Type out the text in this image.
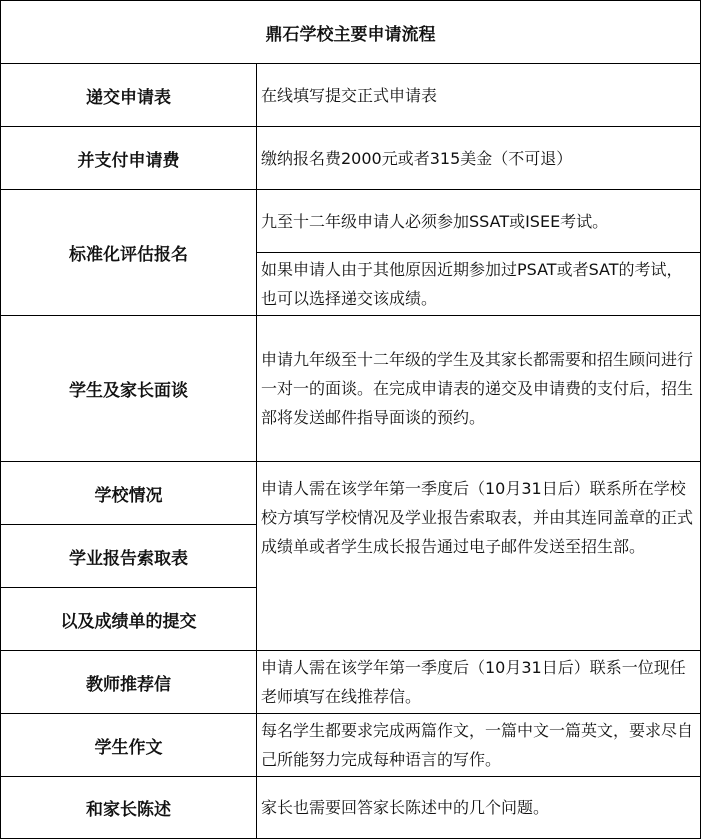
鼎石学校主要申请流程	
递交申请表	在线填写提交正式申请表
并支付申请费	缴纳报名费2000元或者315美金（不可退）
标准化评估报名	九至十二年级申请人必须参加SSAT或ISEE考试。
	如果申请人由于其他原因近期参加过PSAT或者SAT的考试，也可以选择递交该成绩。
学生及家长面谈	申请九年级至十二年级的学生及其家长都需要和招生顾问进行一对一的面谈。在完成申请表的递交及申请费的支付后，招生部将发送邮件指导面谈的预约。
学校情况	申请人需在该学年第一季度后（10月31日后）联系所在学校校方填写学校情况及学业报告索取表，并由其连同盖章的正式成绩单或者学生成长报告通过电子邮件发送至招生部。
学业报告索取表	
以及成绩单的提交	
教师推荐信	申请人需在该学年第一季度后（10月31日后）联系一位现任老师填写在线推荐信。
学生作文	每名学生都要求完成两篇作文，一篇中文一篇英文，要求尽自己所能努力完成每种语言的写作。
和家长陈述	家长也需要回答家长陈述中的几个问题。
